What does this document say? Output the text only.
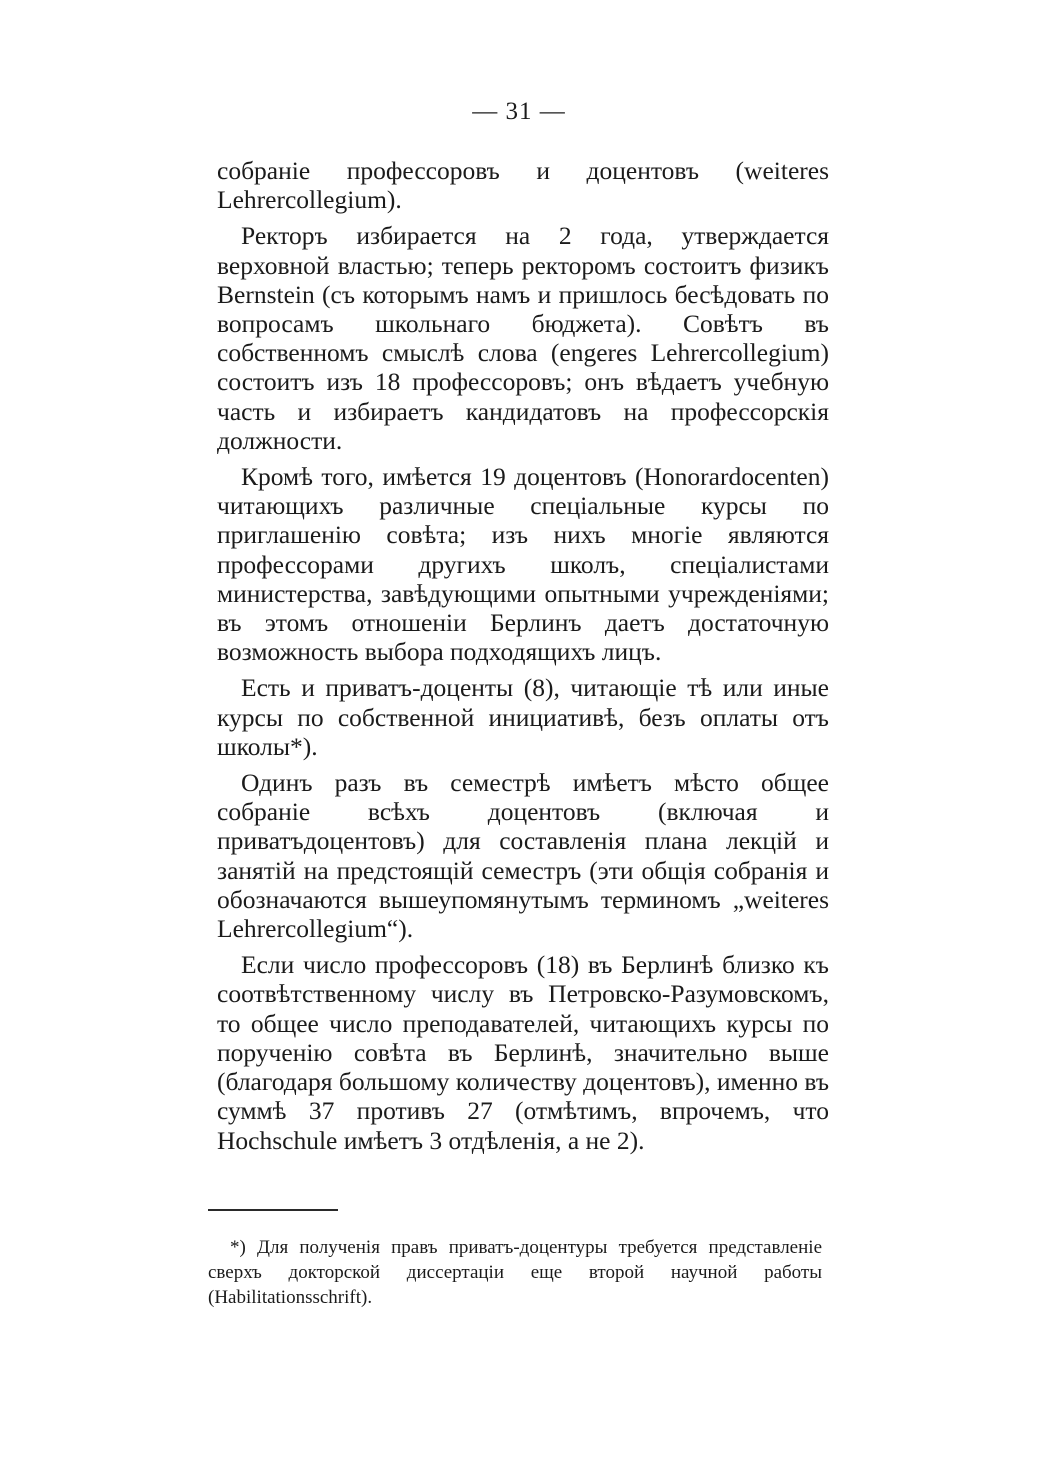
— 31 —

собранiе профессоровъ и доцентовъ (weiteres Lehrercollegium).

Ректоръ избирается на 2 года, утверждается верховной властью; теперь ректоромъ состоитъ физикъ Bernstein (съ которымъ намъ и пришлось бесѣдовать по вопросамъ школьнаго бюджета). Совѣтъ въ собственномъ смыслѣ слова (engeres Lehrercollegium) состоитъ изъ 18 профессоровъ; онъ вѣдаетъ учебную часть и избираетъ кандидатовъ на профессорскiя должности.

Кромѣ того, имѣется 19 доцентовъ (Honorardocenten) читающихъ различные спецiальные курсы по приглашенiю совѣта; изъ нихъ многiе являются профессорами другихъ школъ, спецiалистами министерства, завѣдующими опытными учрежденiями; въ этомъ отношенiи Берлинъ даетъ достаточную возможность выбора подходящихъ лицъ.

Есть и приватъ-доценты (8), читающiе тѣ или иные курсы по собственной инициативѣ, безъ оплаты отъ школы*).

Одинъ разъ въ семестрѣ имѣетъ мѣсто общее собранiе всѣхъ доцентовъ (включая и приватъдоцентовъ) для составленiя плана лекцiй и занятiй на предстоящiй семестръ (эти общiя собранiя и обозначаются вышеупомянутымъ терминомъ „weiteres Lehrercollegium“).

Если число профессоровъ (18) въ Берлинѣ близко къ соотвѣтственному числу въ Петровско-Разумовскомъ, то общее число преподавателей, читающихъ курсы по порученiю совѣта въ Берлинѣ, значительно выше (благодаря большому количеству доцентовъ), именно въ суммѣ 37 противъ 27 (отмѣтимъ, впрочемъ, что Hochschule имѣетъ 3 отдѣленiя, а не 2).

*) Для полученiя правъ приватъ-доцентуры требуется представленiе сверхъ докторской диссертацiи еще второй научной работы (Habilitationsschrift).
